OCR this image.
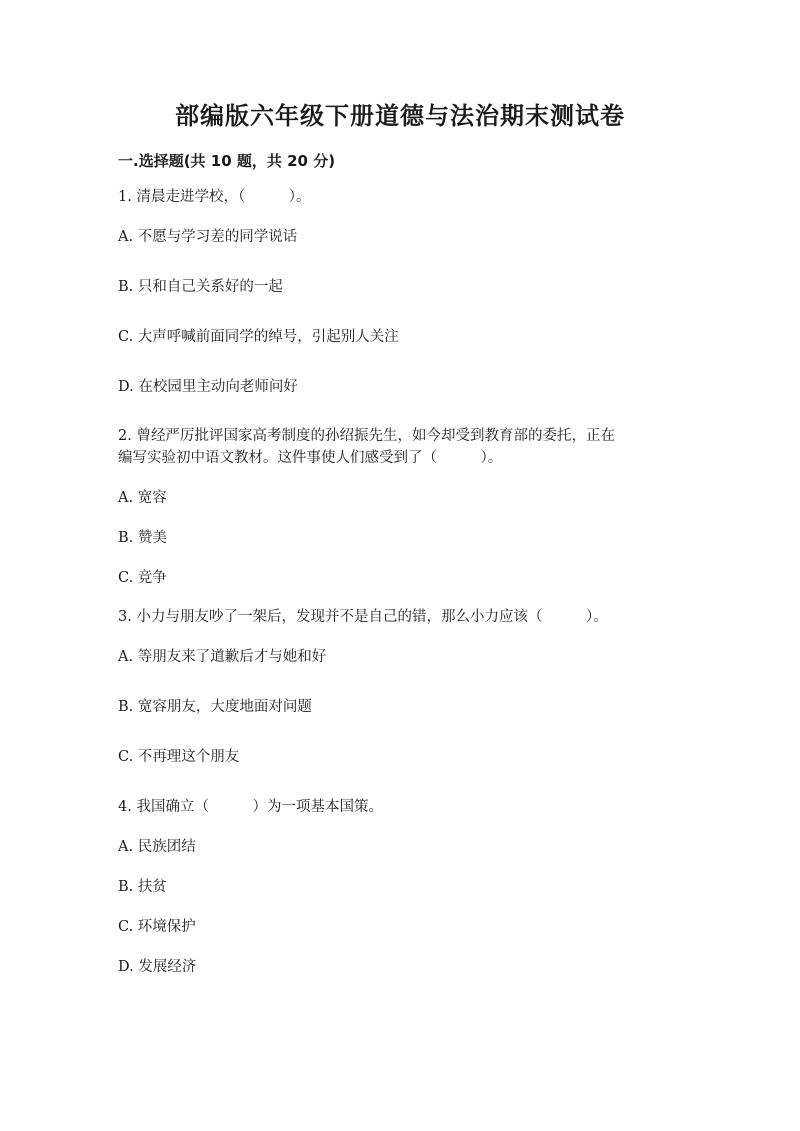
部编版六年级下册道德与法治期末测试卷
一.选择题(共 10 题，共 20 分)
1. 清晨走进学校，（　　　）。
A. 不愿与学习差的同学说话
B. 只和自己关系好的一起
C. 大声呼喊前面同学的绰号，引起别人关注
D. 在校园里主动向老师问好
2. 曾经严厉批评国家高考制度的孙绍振先生，如今却受到教育部的委托，正在
编写实验初中语文教材。这件事使人们感受到了（　　　）。
A. 宽容
B. 赞美
C. 竞争
3. 小力与朋友吵了一架后，发现并不是自己的错，那么小力应该（　　　）。
A. 等朋友来了道歉后才与她和好
B. 宽容朋友，大度地面对问题
C. 不再理这个朋友
4. 我国确立（　　　）为一项基本国策。
A. 民族团结
B. 扶贫
C. 环境保护
D. 发展经济
